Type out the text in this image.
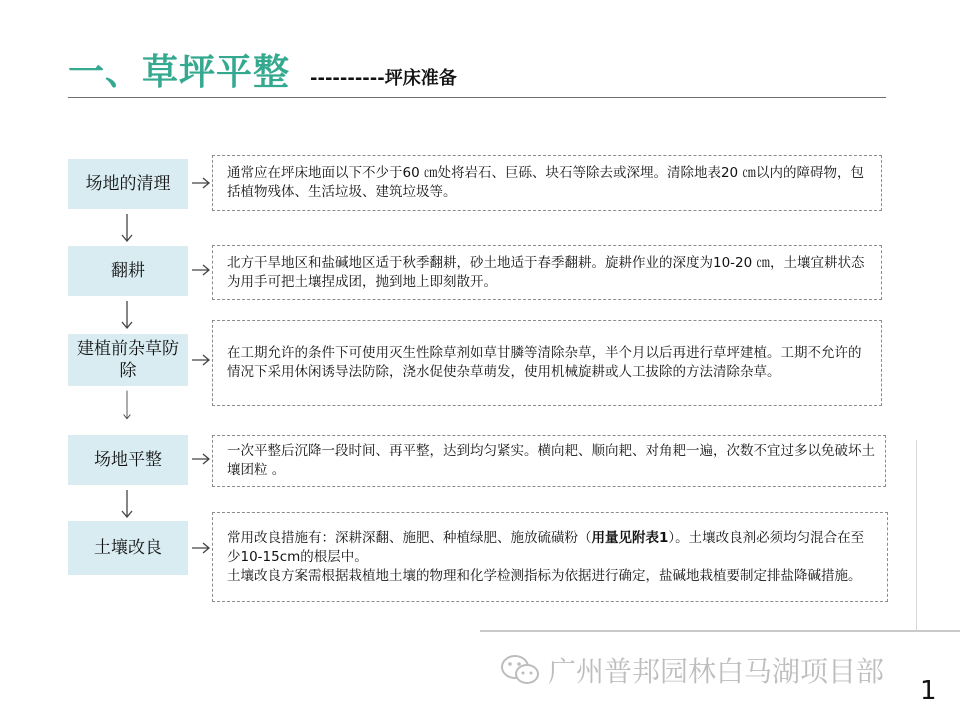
一、草坪平整 ----------坪床准备
场地的清理

通常应在坪床地面以下不少于60 ㎝处将岩石、巨砾、块石等除去或深埋。清除地表20 ㎝以内的障碍物，包括植物残体、生活垃圾、建筑垃圾等。

翻耕	北方干旱地区和盐碱地区适于秋季翻耕，砂土地适于春季翻耕。旋耕作业的深度为10-20 ㎝，土壤宜耕状态为用手可把土壤捏成团，抛到地上即刻散开。

建植前杂草防除

在工期允许的条件下可使用灭生性除草剂如草甘膦等清除杂草，半个月以后再进行草坪建植。工期不允许的情况下采用休闲诱导法防除，浇水促使杂草萌发，使用机械旋耕或人工拔除的方法清除杂草。

场地平整	一次平整后沉降一段时间、再平整，达到均匀紧实。横向耙、顺向耙、对角耙一遍，次数不宜过多以免破坏土壤团粒 。

土壤改良

常用改良措施有：深耕深翻、施肥、种植绿肥、施放硫磺粉（用量见附表1）。土壤改良剂必须均匀混合在至少10-15cm的根层中。

土壤改良方案需根据栽植地土壤的物理和化学检测指标为依据进行确定，盐碱地栽植要制定排盐降碱措施。

广州普邦园林白马湖项目部
1
